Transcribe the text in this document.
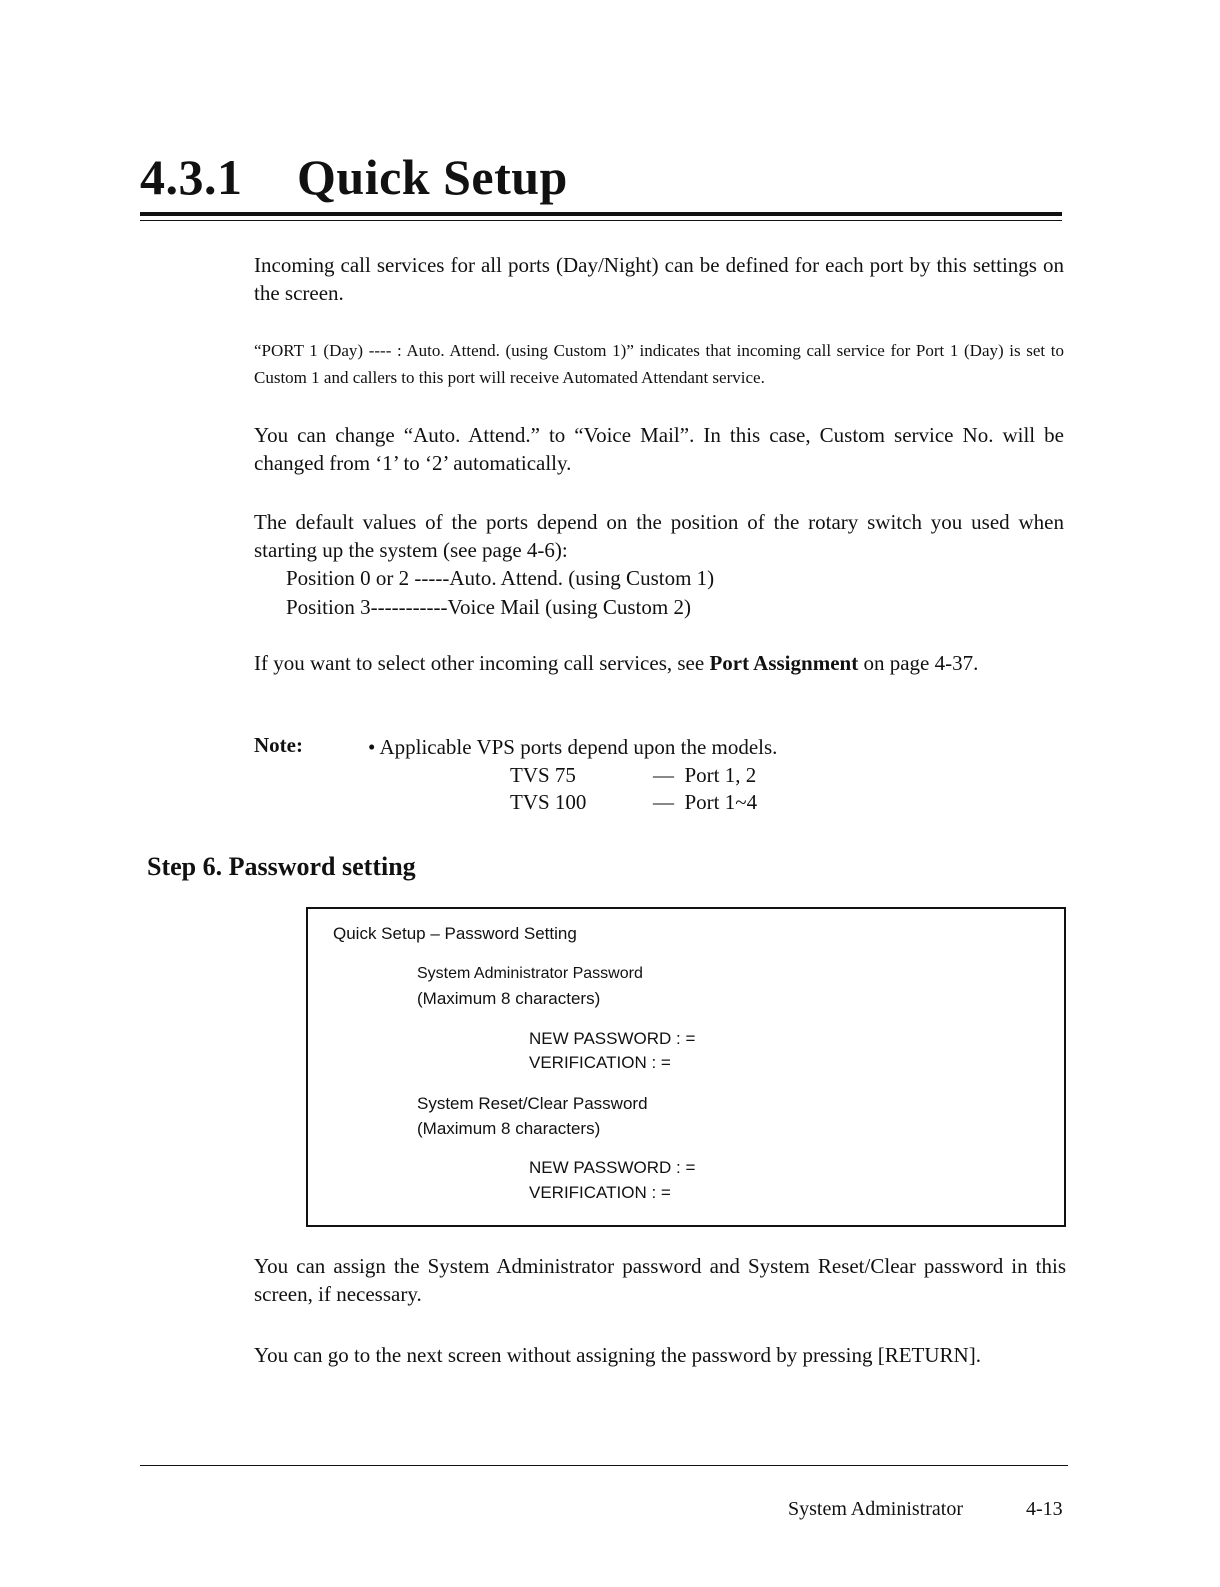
4.3.1 Quick Setup

Incoming call services for all ports (Day/Night) can be defined for each port by this settings on the screen.

“PORT 1 (Day) ---- : Auto. Attend. (using Custom 1)” indicates that incoming call service for Port 1 (Day) is set to Custom 1 and callers to this port will receive Automated Attendant service.

You can change “Auto. Attend.” to “Voice Mail”. In this case, Custom service No. will be changed from ‘1’ to ‘2’ automatically.

The default values of the ports depend on the position of the rotary switch you used when starting up the system (see page 4-6):

Position 0 or 2 -----Auto. Attend. (using Custom 1)
Position 3-----------Voice Mail (using Custom 2)

If you want to select other incoming call services, see Port Assignment on page 4-37.

Note:	• Applicable VPS ports depend upon the models.
TVS 75	—  Port 1, 2
TVS 100	—  Port 1~4
Step 6. Password setting
Quick Setup – Password Setting
System Administrator Password
(Maximum 8 characters)
NEW PASSWORD : =
VERIFICATION : =
System Reset/Clear Password
(Maximum 8 characters)
NEW PASSWORD : =
VERIFICATION : =

You can assign the System Administrator password and System Reset/Clear password in this screen, if necessary.

You can go to the next screen without assigning the password by pressing [RETURN].

System Administrator	4-13
